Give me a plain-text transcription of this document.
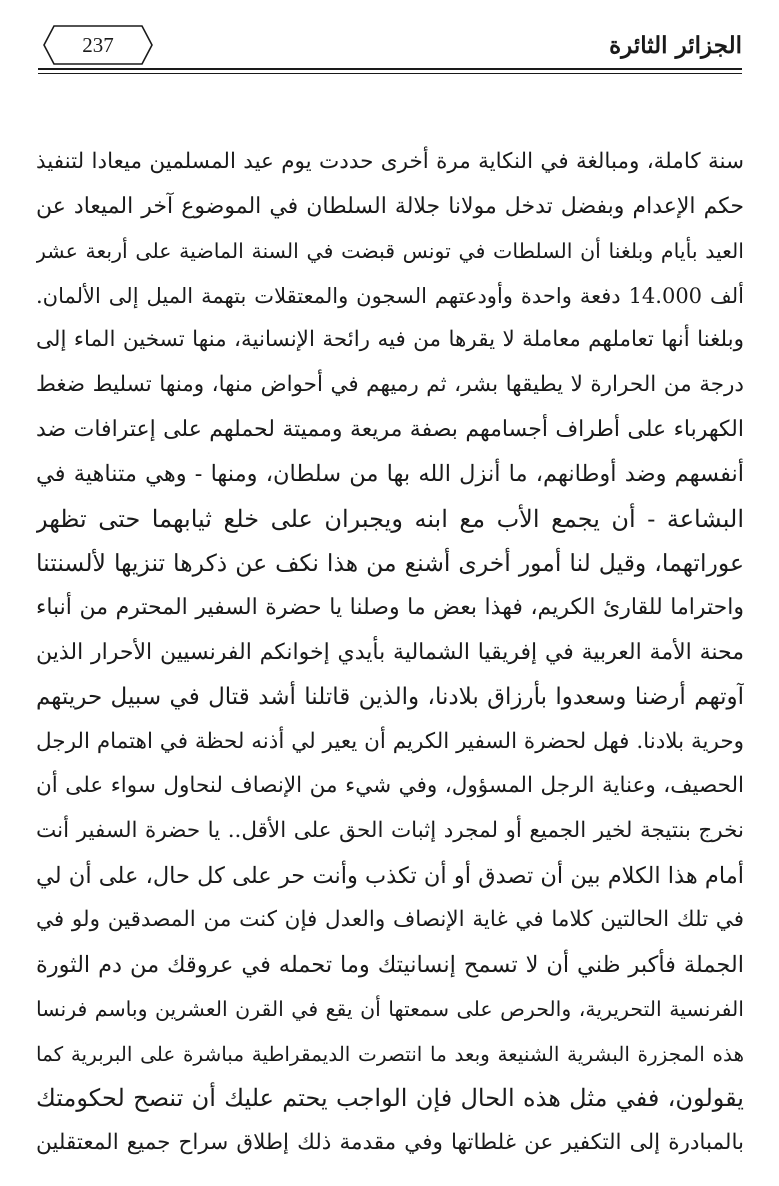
237	الجزائر الثائرة
سنة كاملة، ومبالغة في النكاية مرة أخرى حددت يوم عيد المسلمين ميعادا لتنفيذ
حكم الإعدام وبفضل تدخل مولانا جلالة السلطان في الموضوع آخر الميعاد عن
العيد بأيام وبلغنا أن السلطات في تونس قبضت في السنة الماضية على أربعة عشر
ألف 14.000 دفعة واحدة وأودعتهم السجون والمعتقلات بتهمة الميل إلى الألمان.
وبلغنا أنها تعاملهم معاملة لا يقرها من فيه رائحة الإنسانية، منها تسخين الماء إلى
درجة من الحرارة لا يطيقها بشر، ثم رميهم في أحواض منها، ومنها تسليط ضغط
الكهرباء على أطراف أجسامهم بصفة مريعة ومميتة لحملهم على إعترافات ضد
أنفسهم وضد أوطانهم، ما أنزل الله بها من سلطان، ومنها - وهي متناهية في
البشاعة - أن يجمع الأب مع ابنه ويجبران على خلع ثيابهما حتى تظهر
عوراتهما، وقيل لنا أمور أخرى أشنع من هذا نكف عن ذكرها تنزيها لألسنتنا
واحتراما للقارئ الكريم، فهذا بعض ما وصلنا يا حضرة السفير المحترم من أنباء
محنة الأمة العربية في إفريقيا الشمالية بأيدي إخوانكم الفرنسيين الأحرار الذين
آوتهم أرضنا وسعدوا بأرزاق بلادنا، والذين قاتلنا أشد قتال في سبيل حريتهم
وحرية بلادنا. فهل لحضرة السفير الكريم أن يعير لي أذنه لحظة في اهتمام الرجل
الحصيف، وعناية الرجل المسؤول، وفي شيء من الإنصاف لنحاول سواء على أن
نخرج بنتيجة لخير الجميع أو لمجرد إثبات الحق على الأقل.. يا حضرة السفير أنت
أمام هذا الكلام بين أن تصدق أو أن تكذب وأنت حر على كل حال، على أن لي
في تلك الحالتين كلاما في غاية الإنصاف والعدل فإن كنت من المصدقين ولو في
الجملة فأكبر ظني أن لا تسمح إنسانيتك وما تحمله في عروقك من دم الثورة
الفرنسية التحريرية، والحرص على سمعتها أن يقع في القرن العشرين وباسم فرنسا
هذه المجزرة البشرية الشنيعة وبعد ما انتصرت الديمقراطية مباشرة على البربرية كما
يقولون، ففي مثل هذه الحال فإن الواجب يحتم عليك أن تنصح لحكومتك
بالمبادرة إلى التكفير عن غلطاتها وفي مقدمة ذلك إطلاق سراح جميع المعتقلين
